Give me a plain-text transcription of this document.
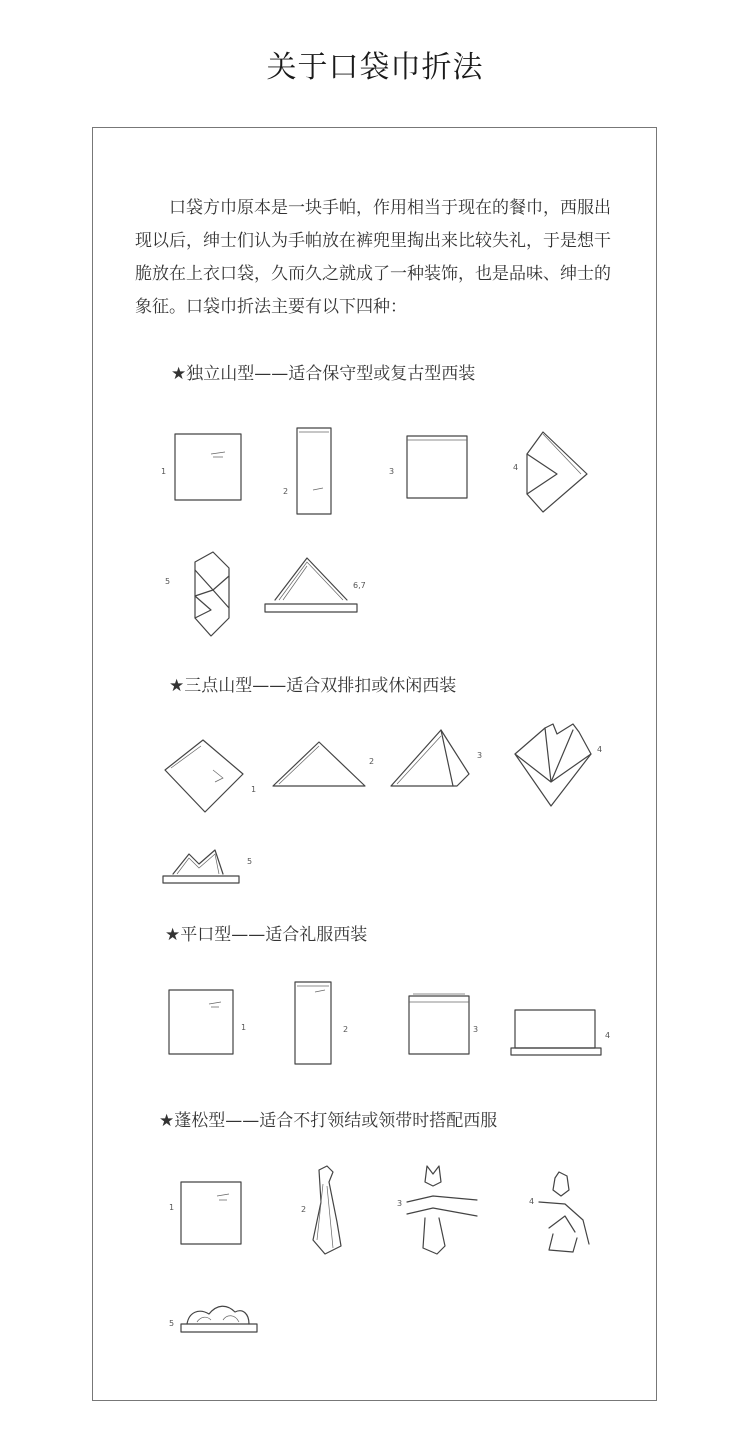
关于口袋巾折法
口袋方巾原本是一块手帕，作用相当于现在的餐巾，西服出现以后，绅士们认为手帕放在裤兜里掏出来比较失礼，于是想干脆放在上衣口袋，久而久之就成了一种装饰，也是品味、绅士的象征。口袋巾折法主要有以下四种：
★独立山型——适合保守型或复古型西装
1
2
3	4
5	6,7
★三点山型——适合双排扣或休闲西装
1
2
3
4
5
★平口型——适合礼服西装
1	2	3
4
★蓬松型——适合不打领结或领带时搭配西服
1	2
3	4
5
